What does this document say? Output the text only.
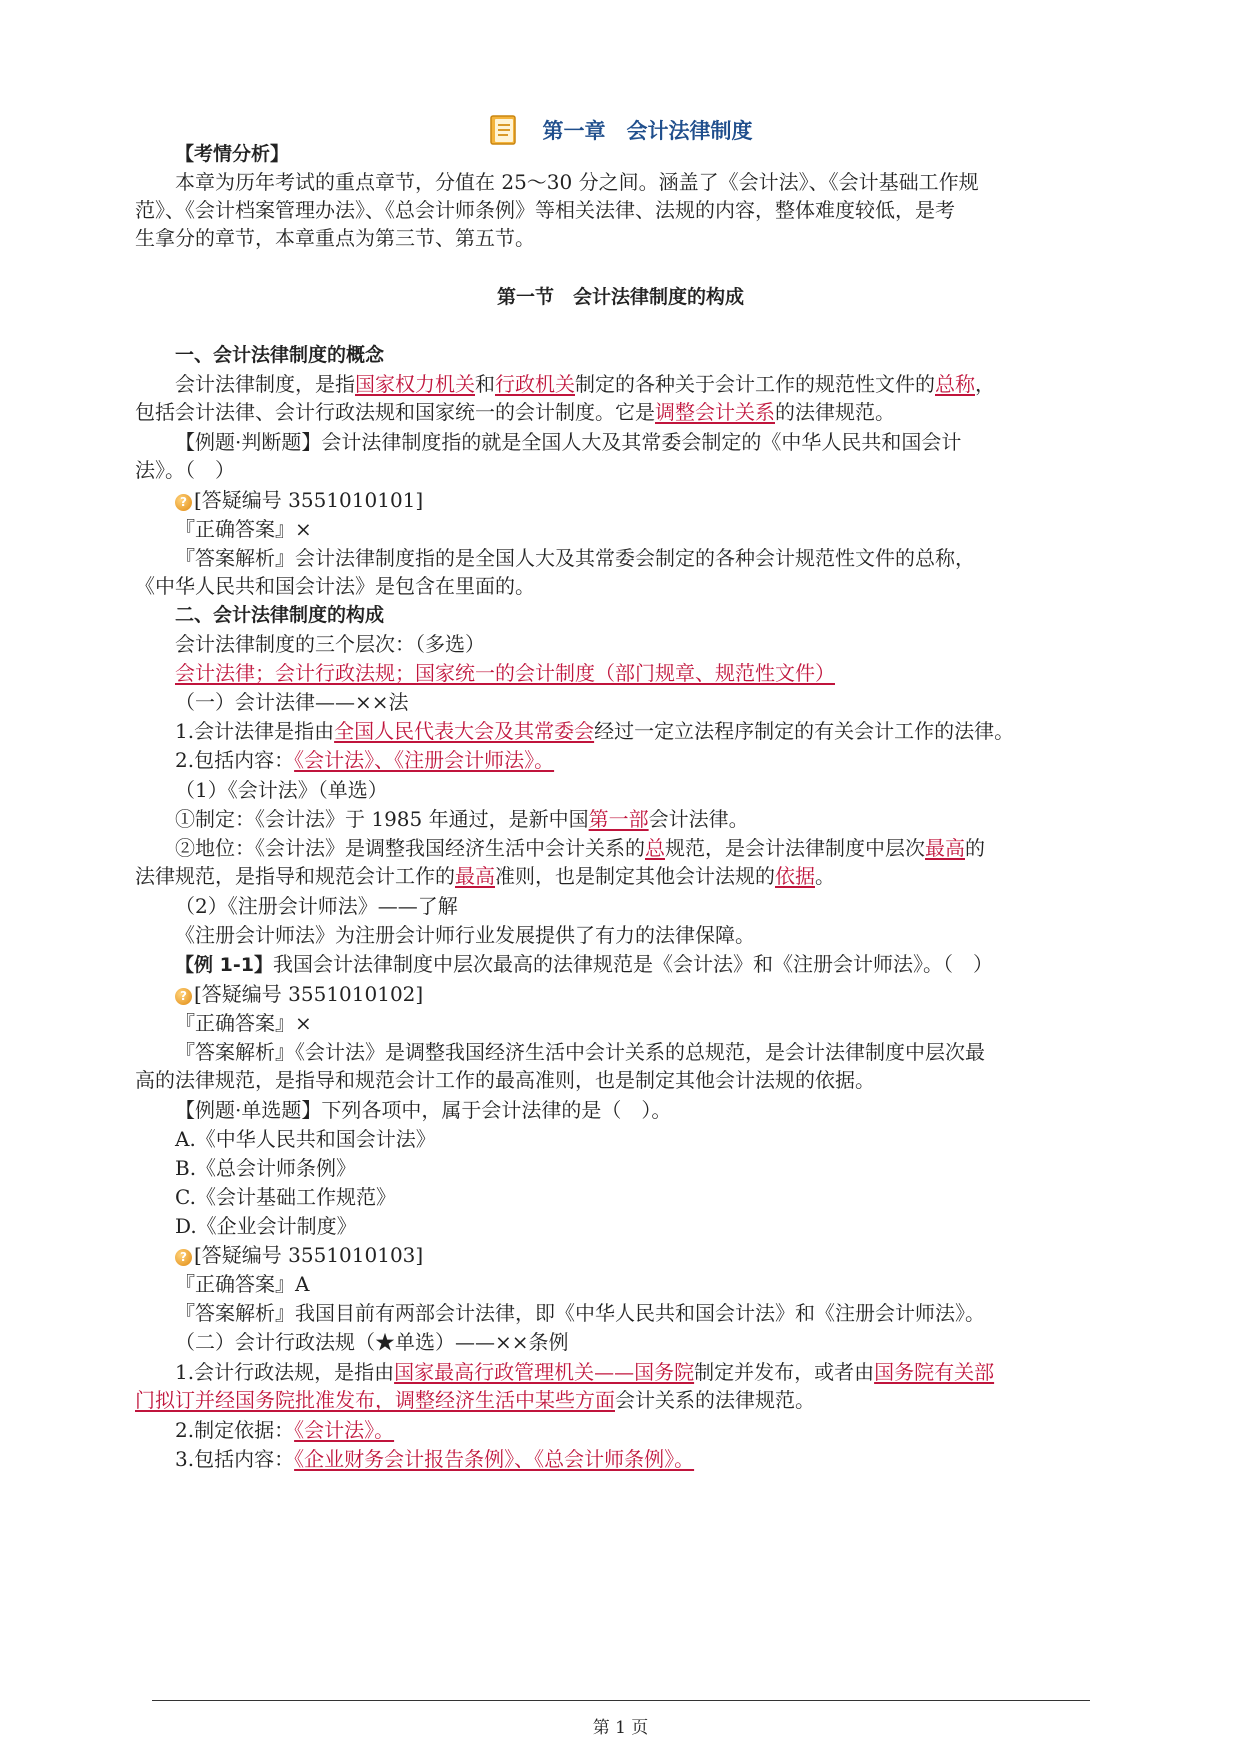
第一章　会计法律制度
【考情分析】
本章为历年考试的重点章节，分值在 25～30 分之间。涵盖了《会计法》、《会计基础工作规
范》、《会计档案管理办法》、《总会计师条例》等相关法律、法规的内容，整体难度较低，是考
生拿分的章节，本章重点为第三节、第五节。
第一节　会计法律制度的构成
一、会计法律制度的概念
会计法律制度，是指国家权力机关和行政机关制定的各种关于会计工作的规范性文件的总称，
包括会计法律、会计行政法规和国家统一的会计制度。它是调整会计关系的法律规范。
【例题·判断题】会计法律制度指的就是全国人大及其常委会制定的《中华人民共和国会计
法》。（　）
? [答疑编号 3551010101]
『正确答案』×
『答案解析』会计法律制度指的是全国人大及其常委会制定的各种会计规范性文件的总称，
《中华人民共和国会计法》是包含在里面的。
二、会计法律制度的构成
会计法律制度的三个层次：（多选）
会计法律；会计行政法规；国家统一的会计制度（部门规章、规范性文件）
（一）会计法律——××法
1.会计法律是指由全国人民代表大会及其常委会经过一定立法程序制定的有关会计工作的法律。
2.包括内容：《会计法》、《注册会计师法》。
（1）《会计法》（单选）
①制定：《会计法》于 1985 年通过，是新中国第一部会计法律。
②地位：《会计法》是调整我国经济生活中会计关系的总规范，是会计法律制度中层次最高的
法律规范，是指导和规范会计工作的最高准则，也是制定其他会计法规的依据。
（2）《注册会计师法》——了解
《注册会计师法》为注册会计师行业发展提供了有力的法律保障。
【例 1-1】我国会计法律制度中层次最高的法律规范是《会计法》和《注册会计师法》。（　）
? [答疑编号 3551010102]
『正确答案』×
『答案解析』《会计法》是调整我国经济生活中会计关系的总规范，是会计法律制度中层次最
高的法律规范，是指导和规范会计工作的最高准则，也是制定其他会计法规的依据。
【例题·单选题】下列各项中，属于会计法律的是（　）。
A.《中华人民共和国会计法》
B.《总会计师条例》
C.《会计基础工作规范》
D.《企业会计制度》
? [答疑编号 3551010103]
『正确答案』A
『答案解析』我国目前有两部会计法律，即《中华人民共和国会计法》和《注册会计师法》。
（二）会计行政法规（★单选）——××条例
1.会计行政法规，是指由国家最高行政管理机关——国务院制定并发布，或者由国务院有关部
门拟订并经国务院批准发布，调整经济生活中某些方面会计关系的法律规范。
2.制定依据：《会计法》。
3.包括内容：《企业财务会计报告条例》、《总会计师条例》。
第 1 页
